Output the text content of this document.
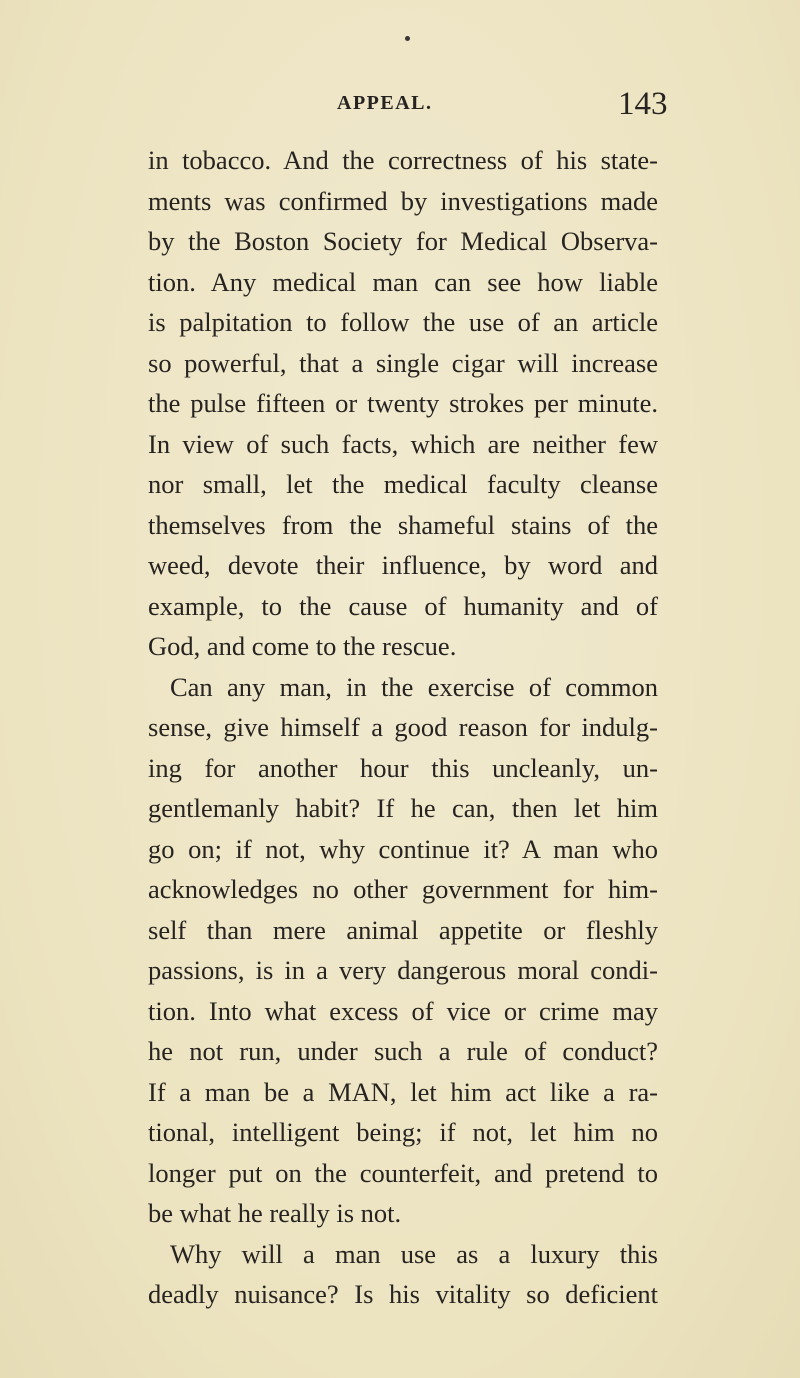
APPEAL.	143
in tobacco. And the correctness of his state-
ments was confirmed by investigations made
by the Boston Society for Medical Observa-
tion. Any medical man can see how liable
is palpitation to follow the use of an article
so powerful, that a single cigar will increase
the pulse fifteen or twenty strokes per minute.
In view of such facts, which are neither few
nor small, let the medical faculty cleanse
themselves from the shameful stains of the
weed, devote their influence, by word and
example, to the cause of humanity and of
God, and come to the rescue.
Can any man, in the exercise of common
sense, give himself a good reason for indulg-
ing for another hour this uncleanly, un-
gentlemanly habit? If he can, then let him
go on; if not, why continue it? A man who
acknowledges no other government for him-
self than mere animal appetite or fleshly
passions, is in a very dangerous moral condi-
tion. Into what excess of vice or crime may
he not run, under such a rule of conduct?
If a man be a MAN, let him act like a ra-
tional, intelligent being; if not, let him no
longer put on the counterfeit, and pretend to
be what he really is not.
Why will a man use as a luxury this
deadly nuisance? Is his vitality so deficient
